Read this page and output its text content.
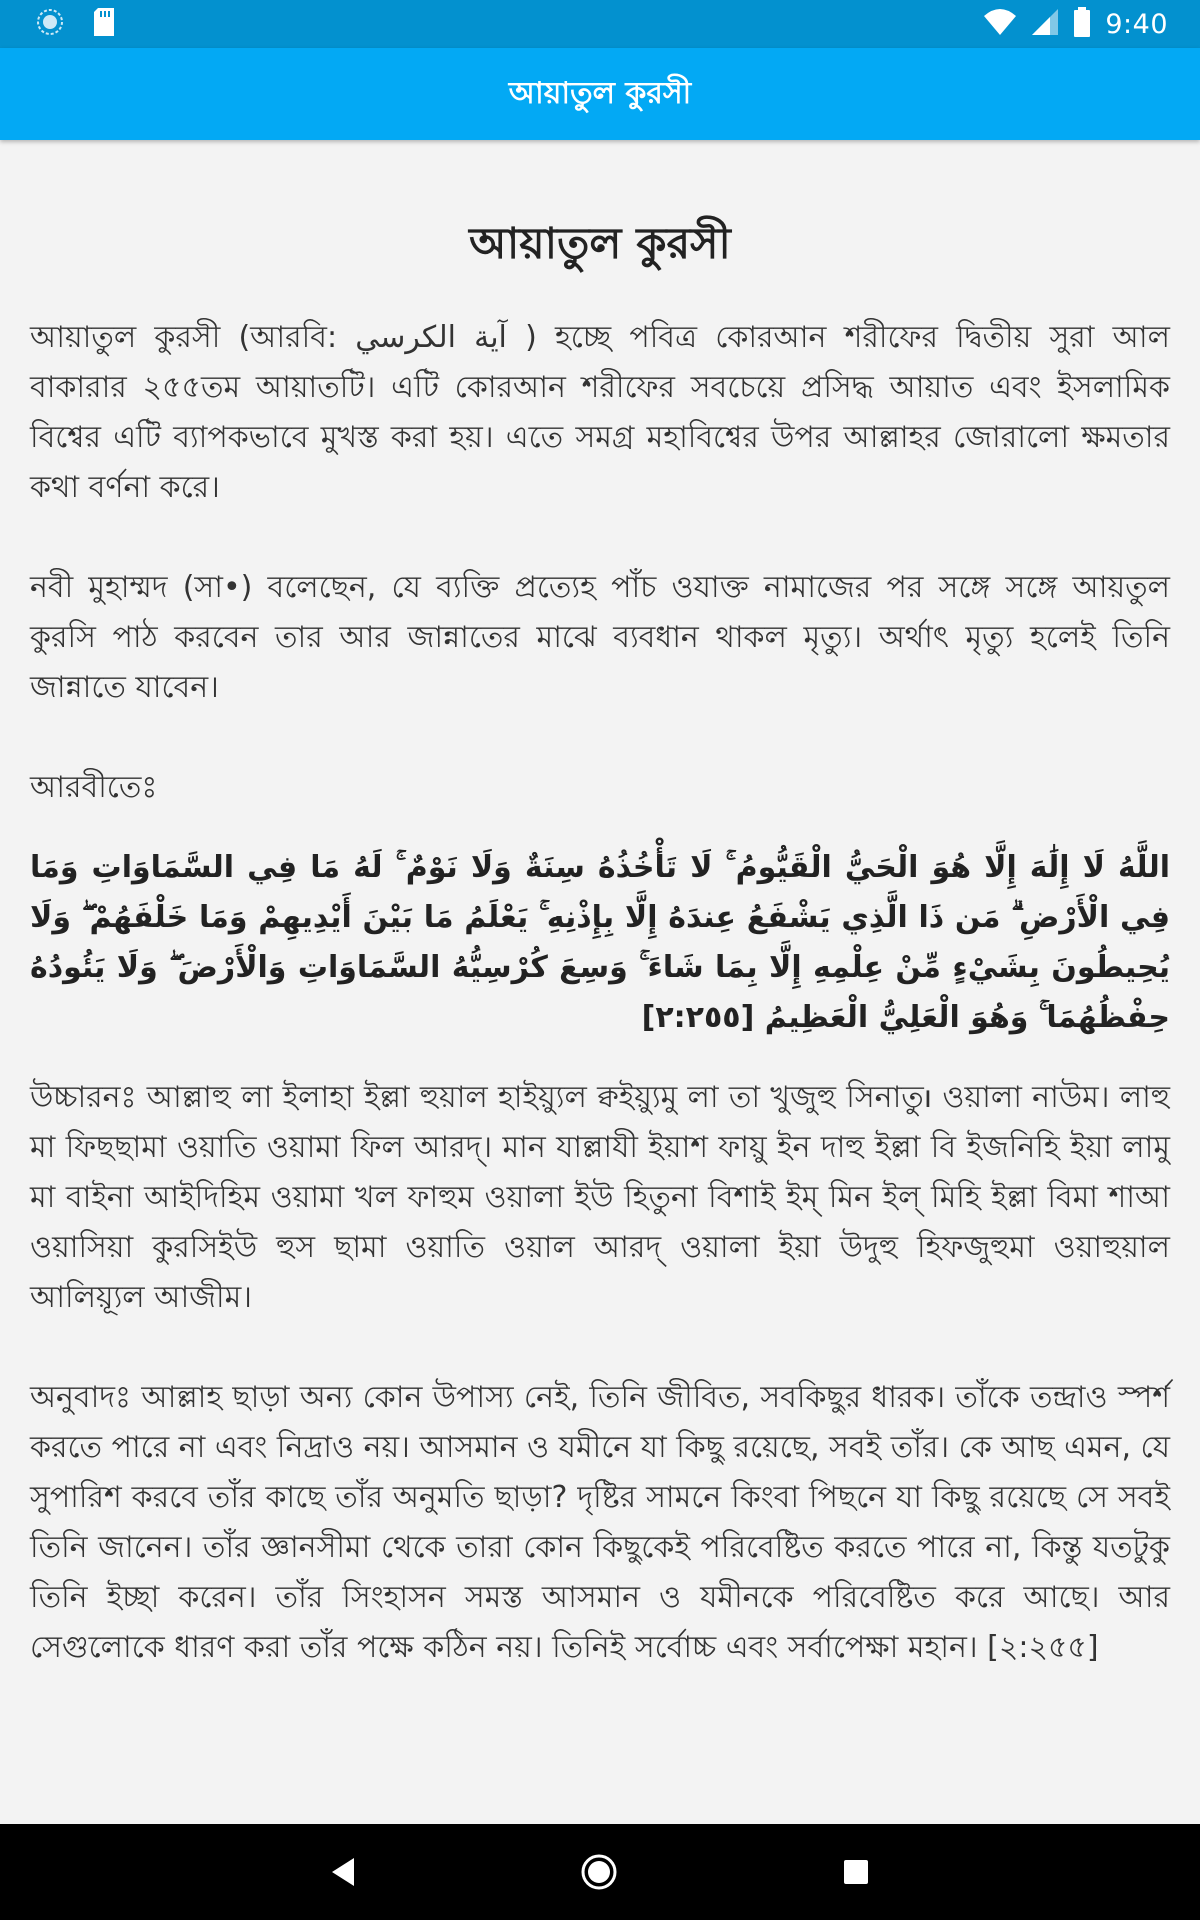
9:40
আয়াতুল কুরসী
আয়াতুল কুরসী

আয়াতুল কুরসী (আরবি: آية الكرسي ) হচ্ছে পবিত্র কোরআন শরীফের দ্বিতীয় সুরা আল বাকারার ২৫৫তম আয়াতটি। এটি কোরআন শরীফের সবচেয়ে প্রসিদ্ধ আয়াত এবং ইসলামিক বিশ্বের এটি ব্যাপকভাবে মুখস্ত করা হয়। এতে সমগ্র মহাবিশ্বের উপর আল্লাহর জোরালো ক্ষমতার কথা বর্ণনা করে।

নবী মুহাম্মদ (সা•) বলেছেন, যে ব্যক্তি প্রত্যেহ পাঁচ ওযাক্ত নামাজের পর সঙ্গে সঙ্গে আয়তুল কুরসি পাঠ করবেন তার আর জান্নাতের মাঝে ব্যবধান থাকল মৃত্যু। অর্থাৎ মৃত্যু হলেই তিনি জান্নাতে যাবেন।

আরবীতেঃ

اللَّهُ لَا إِلَٰهَ إِلَّا هُوَ الْحَيُّ الْقَيُّومُ ۚ لَا تَأْخُذُهُ سِنَةٌ وَلَا نَوْمٌ ۚ لَهُ مَا فِي السَّمَاوَاتِ وَمَا فِي الْأَرْضِ ۗ مَن ذَا الَّذِي يَشْفَعُ عِندَهُ إِلَّا بِإِذْنِهِ ۚ يَعْلَمُ مَا بَيْنَ أَيْدِيهِمْ وَمَا خَلْفَهُمْ ۖ وَلَا يُحِيطُونَ بِشَيْءٍ مِّنْ عِلْمِهِ إِلَّا بِمَا شَاءَ ۚ وَسِعَ كُرْسِيُّهُ السَّمَاوَاتِ وَالْأَرْضَ ۖ وَلَا يَئُودُهُ حِفْظُهُمَا ۚ وَهُوَ الْعَلِيُّ الْعَظِيمُ [٢:٢٥٥]

উচ্চারনঃ আল্লাহু লা ইলাহা ইল্লা হুয়াল হাইয়্যুল ক্বইয়্যুমু লা তা খুজুহু সিনাতুı ওয়ালা নাউম। লাহু মা ফিছছামা ওয়াতি ওয়ামা ফিল আরদ্। মান যাল্লাযী ইয়াশ ফায়ু ইন দাহু ইল্লা বি ইজনিহি ইয়া লামু মা বাইনা আইদিহিম ওয়ামা খল ফাহুম ওয়ালা ইউ হিতুনা বিশাই ইম্ মিন ইল্ মিহি ইল্লা বিমা শাআ ওয়াসিয়া কুরসিইউ হুস ছামা ওয়াতি ওয়াল আরদ্ ওয়ালা ইয়া উদুহু হিফজুহুমা ওয়াহুয়াল আলিয়্যূল আজীম।

অনুবাদঃ আল্লাহ ছাড়া অন্য কোন উপাস্য নেই, তিনি জীবিত, সবকিছুর ধারক। তাঁকে তন্দ্রাও স্পর্শ করতে পারে না এবং নিদ্রাও নয়। আসমান ও যমীনে যা কিছু রয়েছে, সবই তাঁর। কে আছ এমন, যে সুপারিশ করবে তাঁর কাছে তাঁর অনুমতি ছাড়া? দৃষ্টির সামনে কিংবা পিছনে যা কিছু রয়েছে সে সবই তিনি জানেন। তাঁর জ্ঞানসীমা থেকে তারা কোন কিছুকেই পরিবেষ্টিত করতে পারে না, কিন্তু যতটুকু তিনি ইচ্ছা করেন। তাঁর সিংহাসন সমস্ত আসমান ও যমীনকে পরিবেষ্টিত করে আছে। আর সেগুলোকে ধারণ করা তাঁর পক্ষে কঠিন নয়। তিনিই সর্বোচ্চ এবং সর্বাপেক্ষা মহান। [২:২৫৫]
